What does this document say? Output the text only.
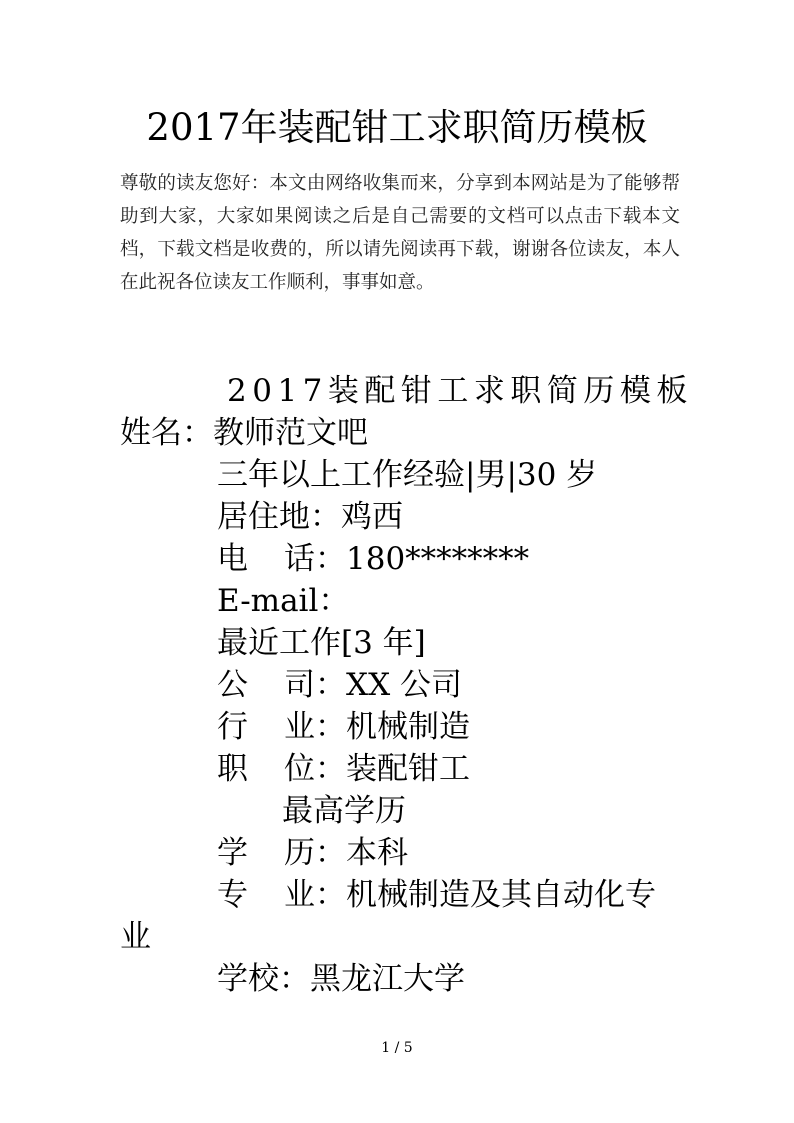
2017年装配钳工求职简历模板
尊敬的读友您好：本文由网络收集而来，分享到本网站是为了能够帮助到大家，大家如果阅读之后是自己需要的文档可以点击下载本文档，下载文档是收费的，所以请先阅读再下载，谢谢各位读友，本人在此祝各位读友工作顺利，事事如意。
2017装配钳工求职简历模板
姓名：教师范文吧
三年以上工作经验|男|30 岁
居住地：鸡西
电 话：180********
E-mail：
最近工作[3 年]
公 司：XX 公司
行 业：机械制造
职 位：装配钳工
最高学历
学 历：本科
专 业：机械制造及其自动化专
业
学校：黑龙江大学
1 / 5
